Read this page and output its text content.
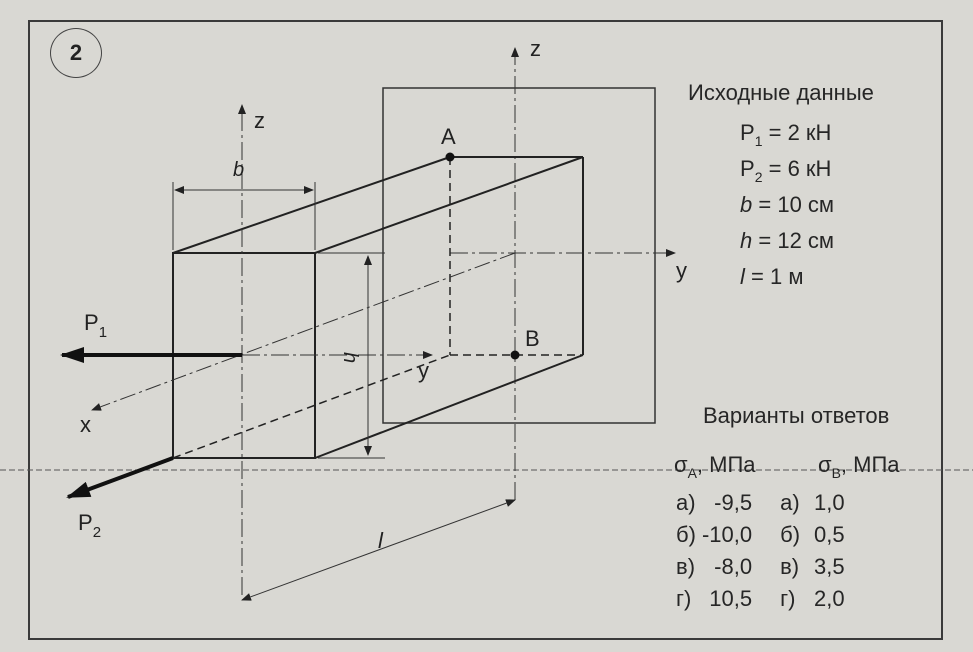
2	z
z
y
y
x
b
h
l
A
B
$P_1$
$P_2$
Исходные данные
$P_1 = 2$ кН
$P_2 = 6$ кН
b = 10 см
h = 12 см
l = 1 м
Варианты ответов
$\sigma_A$, МПа	$\sigma_B$, МПа
а)	-9,5	а)	1,0
б)	-10,0	б)	0,5
в)	-8,0	в)	3,5
г)	10,5	г)	2,0
